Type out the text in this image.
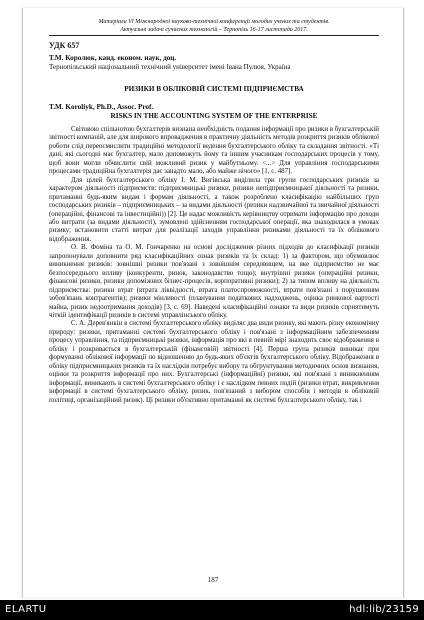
Матеріали VI Міжнародної науково-технічної конференції молодих учених та студентів.
Актуальні задачі сучасних технологій – Тернопіль 16-17 листопада 2017.
УДК 657
Т.М. Королюк, канд. економ. наук, доц.
Тернопільський національний технічний університет імені Івана Пулюя, Україна
РИЗИКИ В ОБЛІКОВІЙ СИСТЕМІ ПІДПРИЄМСТВА
T.M. Koroliyk, Ph.D., Assoc. Prof.
RISKS IN THE ACCOUNTING SYSTEM OF THE ENTERPRISE

Світовою спільнотою бухгалтерів визнана необхідність подання інформації про ризики в бухгалтерській звітності компаній, але для широкого впровадження в практичну діяльність методів розкриття ризиків облікової роботи слід переосмислити традиційні методології ведення бухгалтерського обліку та складання звітності. «Ті дані, які сьогодні має бухгалтер, мало допоможуть йому та іншим учасникам господарських процесів у тому, щоб вони могли обчислити свій можливий ризик у майбутньому. <...> Для управління господарськими процесами традиційна бухгалтерія дає занадто мало, або майже нічого» [1, с. 487].

Для цілей бухгалтерського обліку І. М. Вигівська виділила три групи господарських ризиків за характером діяльності підприємств: підприємницькі ризики, ризики непідприємницької діяльності та ризики, притаманні будь-яким видам і формам діяльності, а також розроблено класифікацію найбільших груп господарських ризиків – підприємницьких – за видами діяльності (ризики надзвичайної та звичайної діяльності (операційні, фінансові та інвестиційні)) [2]. Це надає можливість керівництву отримати інформацію про доходи або витрати (за видами діяльності), зумовлені здійсненням господарської операції, яка знаходилася в умовах ризику; встановити статті витрат для реалізації заходів управління ризиками діяльності та їх облікового відображення.

О. В. Фоміна та О. М. Гончаренко на основі дослідження різних підходів до класифікації ризиків запропонували доповнити ряд класифікаційних ознак ризиків та їх склад: 1) за фактором, що обумовлює виникнення ризиків: зовнішні ризики пов'язані з зовнішнім середовищем, на яке підприємство не має безпосереднього впливу (конкуренти, ринок, законодавство тощо); внутрішні ризики (операційні ризики, фінансові ризики, ризики допоміжних бізнес-процесів, корпоративні ризики); 2) за типом впливу на діяльність підприємства: ризики втрат (втрата ліквідності, втрата платоспроможності, втрати пов'язані з порушенням зобов'язань контрагентів); ризики мінливості (планування податкових надходжень, оцінка ринкової вартості майна, ризик недоотримання доходів) [3, с. 69]. Наведені класифікаційні ознаки та види ризиків сприятимуть чіткій ідентифікації ризиків в системі управлінського обліку.

С. А. Дерев'янкін в системі бухгалтерського обліку виділяє два види ризику, які мають різну економічну природу: ризики, притаманні системі бухгалтерського обліку і пов'язані з інформаційним забезпеченням процесу управління, та підприємницькі ризики, інформація про які в певній мірі знаходить своє відображення в обліку і розкривається в бухгалтерській (фінансовій) звітності [4]. Перша група ризиків виникає при формуванні облікової інформації по відношенню до будь-яких об'єктів бухгалтерського обліку. Відображення в обліку підприємницьких ризиків та їх наслідків потребує вибору та обгрунтування методичних основ визнання, оцінки та розкриття інформації про них. Бухгалтерські (інформаційні) ризики, які пов'язані з виникненням інформації, виникають в системі бухгалтерського обліку і є наслідком певних подій (ризики втрат, викривлення інформації в системі бухгалтерського обліку, ризик, пов'язаний з вибором способів і методів в обліковій політиці, організаційний ризик). Ці ризики об'єктивно притаманні як системі бухгалтерського обліку, так і

187
ELARTU	hdl:lib/23159
